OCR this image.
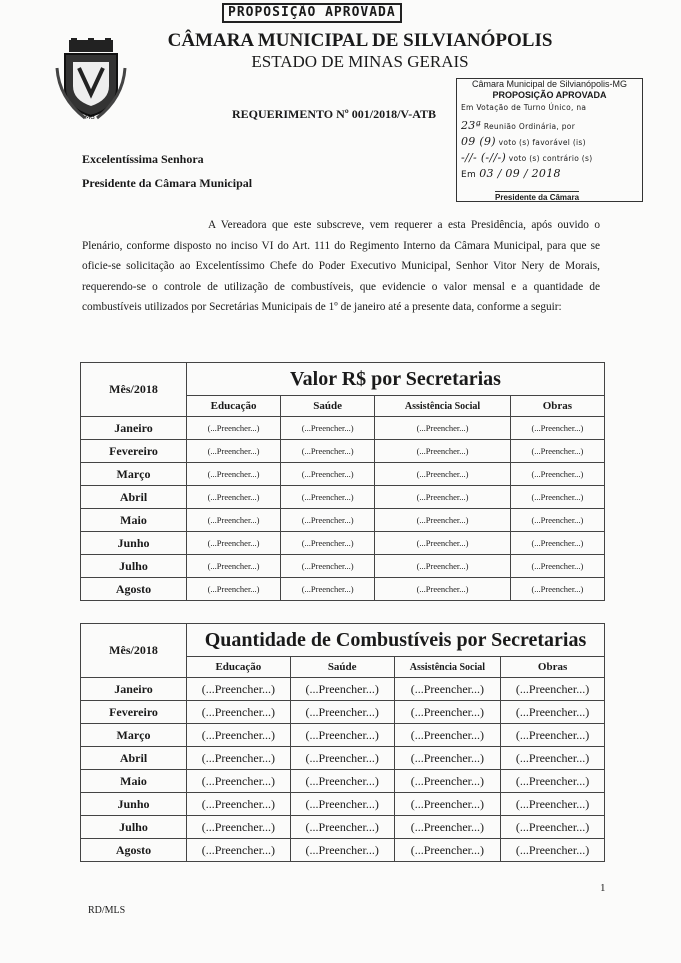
PROPOSIÇÃO APROVADA
MG
CÂMARA MUNICIPAL DE SILVIANÓPOLIS
ESTADO DE MINAS GERAIS
REQUERIMENTO Nº 001/2018/V-ATB
Câmara Municipal de Silvianópolis-MG
PROPOSIÇÃO APROVADA
Em Votação de Turno Único, na
23ª Reunião Ordinária, por
09 (9) voto (s) favorável (is)
-//- (-//-) voto (s) contrário (s)
Em 03 / 09 / 2018
Presidente da Câmara
Excelentíssima Senhora
Presidente da Câmara Municipal

A Vereadora que este subscreve, vem requerer a esta Presidência, após ouvido o Plenário, conforme disposto no inciso VI do Art. 111 do Regimento Interno da Câmara Municipal, para que se oficie-se solicitação ao Excelentíssimo Chefe do Poder Executivo Municipal, Senhor Vitor Nery de Morais, requerendo-se o controle de utilização de combustíveis, que evidencie o valor mensal e a quantidade de combustíveis utilizados por Secretárias Municipais de 1º de janeiro até a presente data, conforme a seguir:

Mês/2018	Valor R$ por Secretarias			
	Educação	Saúde	Assistência Social	Obras
Janeiro	(...Preencher...)	(...Preencher...)	(...Preencher...)	(...Preencher...)
Fevereiro	(...Preencher...)	(...Preencher...)	(...Preencher...)	(...Preencher...)
Março	(...Preencher...)	(...Preencher...)	(...Preencher...)	(...Preencher...)
Abril	(...Preencher...)	(...Preencher...)	(...Preencher...)	(...Preencher...)
Maio	(...Preencher...)	(...Preencher...)	(...Preencher...)	(...Preencher...)
Junho	(...Preencher...)	(...Preencher...)	(...Preencher...)	(...Preencher...)
Julho	(...Preencher...)	(...Preencher...)	(...Preencher...)	(...Preencher...)
Agosto	(...Preencher...)	(...Preencher...)	(...Preencher...)	(...Preencher...)
Mês/2018	Quantidade de Combustíveis por Secretarias			
	Educação	Saúde	Assistência Social	Obras
Janeiro	(...Preencher...)	(...Preencher...)	(...Preencher...)	(...Preencher...)
Fevereiro	(...Preencher...)	(...Preencher...)	(...Preencher...)	(...Preencher...)
Março	(...Preencher...)	(...Preencher...)	(...Preencher...)	(...Preencher...)
Abril	(...Preencher...)	(...Preencher...)	(...Preencher...)	(...Preencher...)
Maio	(...Preencher...)	(...Preencher...)	(...Preencher...)	(...Preencher...)
Junho	(...Preencher...)	(...Preencher...)	(...Preencher...)	(...Preencher...)
Julho	(...Preencher...)	(...Preencher...)	(...Preencher...)	(...Preencher...)
Agosto	(...Preencher...)	(...Preencher...)	(...Preencher...)	(...Preencher...)
1
RD/MLS
